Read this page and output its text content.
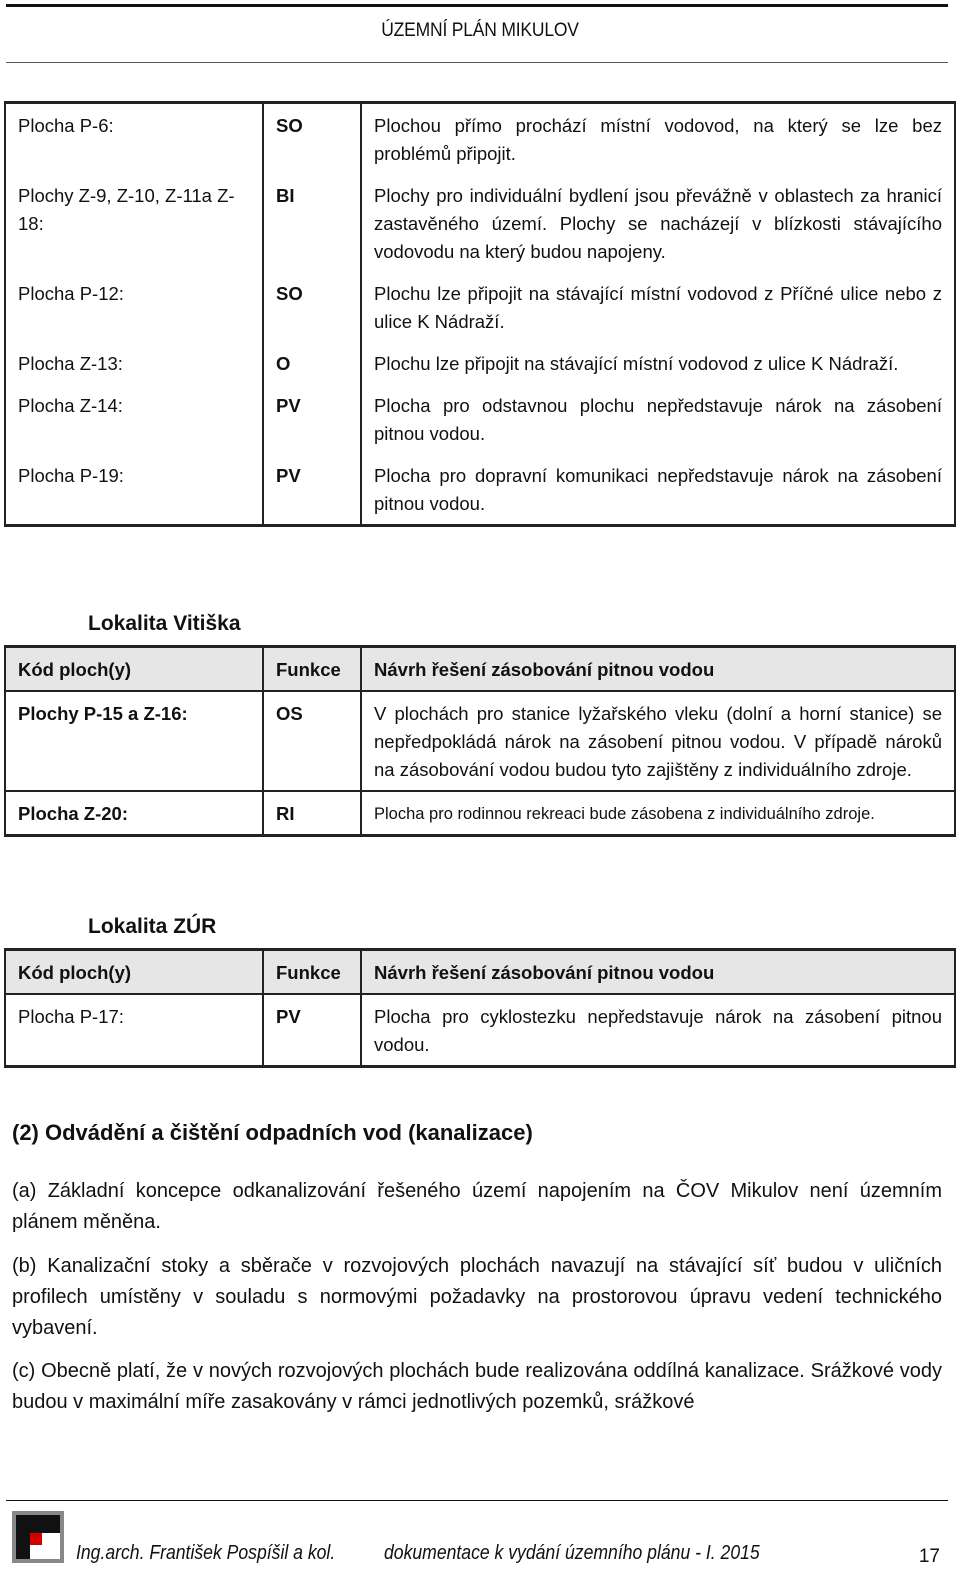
ÚZEMNÍ PLÁN MIKULOV
Plocha P-6:	SO	Plochou přímo prochází místní vodovod, na který se lze bez problémů připojit.
Plochy Z-9, Z-10, Z-11a Z-18:	BI	Plochy pro individuální bydlení jsou převážně v oblastech za hranicí zastavěného území. Plochy se nacházejí v blízkosti stávajícího vodovodu na který budou napojeny.
Plocha P-12:	SO	Plochu lze připojit na stávající místní vodovod z Příčné ulice nebo z ulice K Nádraží.
Plocha Z-13:	O	Plochu lze připojit na stávající místní vodovod z ulice K Nádraží.
Plocha Z-14:	PV	Plocha pro odstavnou plochu nepředstavuje nárok na zásobení pitnou vodou.
Plocha P-19:	PV	Plocha pro dopravní komunikaci nepředstavuje nárok na zásobení pitnou vodou.
Lokalita Vitiška
Kód ploch(y)	Funkce	Návrh řešení zásobování pitnou vodou
Plochy P-15 a Z-16:	OS	V plochách pro stanice lyžařského vleku (dolní a horní stanice) se nepředpokládá nárok na zásobení pitnou vodou. V případě nároků na zásobování vodou budou tyto zajištěny z individuálního zdroje.
Plocha Z-20:	RI	Plocha pro rodinnou rekreaci bude zásobena z individuálního zdroje.
Lokalita ZÚR
Kód ploch(y)	Funkce	Návrh řešení zásobování pitnou vodou
Plocha P-17:	PV	Plocha pro cyklostezku nepředstavuje nárok na zásobení pitnou vodou.
(2) Odvádění a čištění odpadních vod (kanalizace)
(a) Základní koncepce odkanalizování řešeného území napojením na ČOV Mikulov není územním plánem měněna.
(b) Kanalizační stoky a sběrače v rozvojových plochách navazují na stávající síť budou v uličních profilech umístěny v souladu s normovými požadavky na prostorovou úpravu vedení technického vybavení.
(c) Obecně platí, že v nových rozvojových plochách bude realizována oddílná kanalizace. Srážkové vody budou v maximální míře zasakovány v rámci jednotlivých pozemků, srážkové
Ing.arch. František Pospíšil a kol. dokumentace k vydání územního plánu - I. 2015	17
